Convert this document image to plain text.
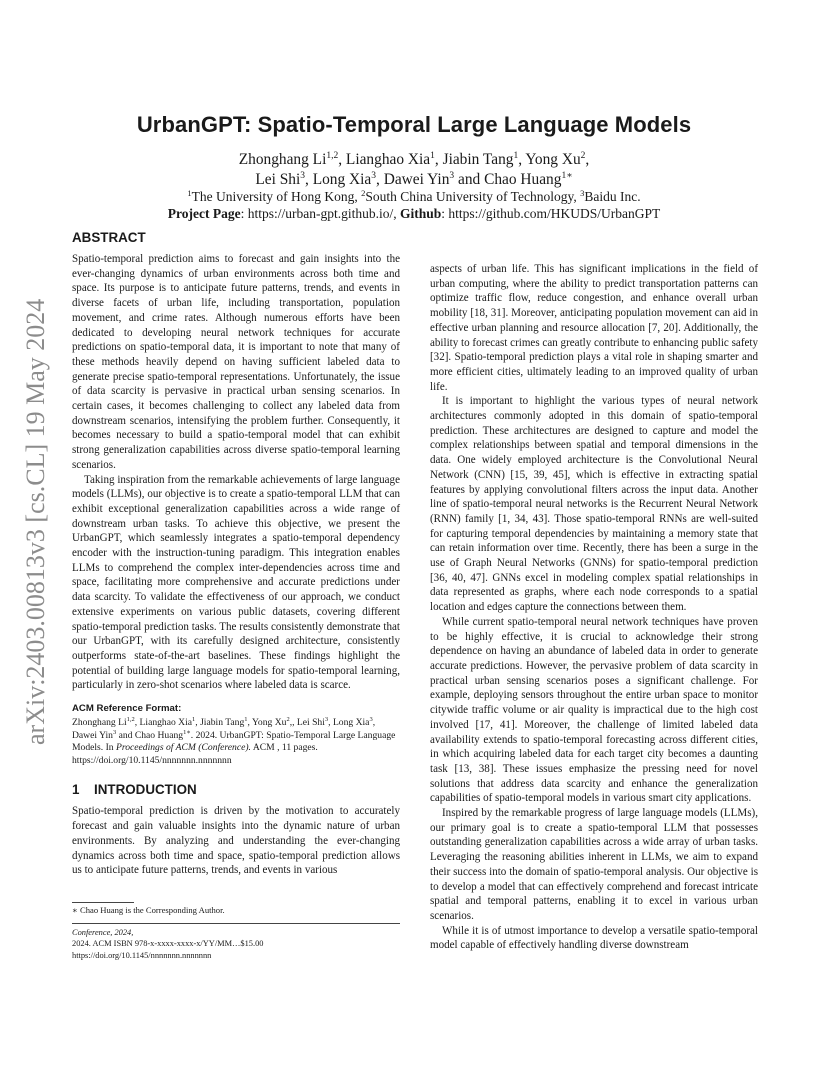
arXiv:2403.00813v3 [cs.CL] 19 May 2024
UrbanGPT: Spatio-Temporal Large Language Models
Zhonghang Li$^{1,2}$, Lianghao Xia$^1$, Jiabin Tang$^1$, Yong Xu$^2$,
Lei Shi$^3$, Long Xia$^3$, Dawei Yin$^3$ and Chao Huang$^{1∗}$
$^1$The University of Hong Kong, $^2$South China University of Technology, $^3$Baidu Inc.
Project Page: https://urban-gpt.github.io/, Github: https://github.com/HKUDS/UrbanGPT
ABSTRACT

Spatio-temporal prediction aims to forecast and gain insights into the ever-changing dynamics of urban environments across both time and space. Its purpose is to anticipate future patterns, trends, and events in diverse facets of urban life, including transportation, population movement, and crime rates. Although numerous efforts have been dedicated to developing neural network techniques for accurate predictions on spatio-temporal data, it is important to note that many of these methods heavily depend on having sufficient labeled data to generate precise spatio-temporal representations. Unfortunately, the issue of data scarcity is pervasive in practical urban sensing scenarios. In certain cases, it becomes challenging to collect any labeled data from downstream scenarios, intensifying the problem further. Consequently, it becomes necessary to build a spatio-temporal model that can exhibit strong generalization capabilities across diverse spatio-temporal learning scenarios.

Taking inspiration from the remarkable achievements of large language models (LLMs), our objective is to create a spatio-temporal LLM that can exhibit exceptional generalization capabilities across a wide range of downstream urban tasks. To achieve this objective, we present the UrbanGPT, which seamlessly integrates a spatio-temporal dependency encoder with the instruction-tuning paradigm. This integration enables LLMs to comprehend the complex inter-dependencies across time and space, facilitating more comprehensive and accurate predictions under data scarcity. To validate the effectiveness of our approach, we conduct extensive experiments on various public datasets, covering different spatio-temporal prediction tasks. The results consistently demonstrate that our UrbanGPT, with its carefully designed architecture, consistently outperforms state-of-the-art baselines. These findings highlight the potential of building large language models for spatio-temporal learning, particularly in zero-shot scenarios where labeled data is scarce.

ACM Reference Format:

Zhonghang Li$^{1,2}$, Lianghao Xia$^1$, Jiabin Tang$^1$, Yong Xu$^2$,, Lei Shi$^3$, Long Xia$^3$, Dawei Yin$^3$ and Chao Huang$^{1∗}$. 2024. UrbanGPT: Spatio-Temporal Large Language Models. In Proceedings of ACM (Conference). ACM , 11 pages. https://doi.org/10.1145/nnnnnnn.nnnnnnn

1 INTRODUCTION

Spatio-temporal prediction is driven by the motivation to accurately forecast and gain valuable insights into the dynamic nature of urban environments. By analyzing and understanding the ever-changing dynamics across both time and space, spatio-temporal prediction allows us to anticipate future patterns, trends, and events in various

∗ Chao Huang is the Corresponding Author.
Conference, 2024,
2024. ACM ISBN 978-x-xxxx-xxxx-x/YY/MM…$15.00
https://doi.org/10.1145/nnnnnnn.nnnnnnn

aspects of urban life. This has significant implications in the field of urban computing, where the ability to predict transportation patterns can optimize traffic flow, reduce congestion, and enhance overall urban mobility [18, 31]. Moreover, anticipating population movement can aid in effective urban planning and resource allocation [7, 20]. Additionally, the ability to forecast crimes can greatly contribute to enhancing public safety [32]. Spatio-temporal prediction plays a vital role in shaping smarter and more efficient cities, ultimately leading to an improved quality of urban life.

It is important to highlight the various types of neural network architectures commonly adopted in this domain of spatio-temporal prediction. These architectures are designed to capture and model the complex relationships between spatial and temporal dimensions in the data. One widely employed architecture is the Convolutional Neural Network (CNN) [15, 39, 45], which is effective in extracting spatial features by applying convolutional filters across the input data. Another line of spatio-temporal neural networks is the Recurrent Neural Network (RNN) family [1, 34, 43]. Those spatio-temporal RNNs are well-suited for capturing temporal dependencies by maintaining a memory state that can retain information over time. Recently, there has been a surge in the use of Graph Neural Networks (GNNs) for spatio-temporal prediction [36, 40, 47]. GNNs excel in modeling complex spatial relationships in data represented as graphs, where each node corresponds to a spatial location and edges capture the connections between them.

While current spatio-temporal neural network techniques have proven to be highly effective, it is crucial to acknowledge their strong dependence on having an abundance of labeled data in order to generate accurate predictions. However, the pervasive problem of data scarcity in practical urban sensing scenarios poses a significant challenge. For example, deploying sensors throughout the entire urban space to monitor citywide traffic volume or air quality is impractical due to the high cost involved [17, 41]. Moreover, the challenge of limited labeled data availability extends to spatio-temporal forecasting across different cities, in which acquiring labeled data for each target city becomes a daunting task [13, 38]. These issues emphasize the pressing need for novel solutions that address data scarcity and enhance the generalization capabilities of spatio-temporal models in various smart city applications.

Inspired by the remarkable progress of large language models (LLMs), our primary goal is to create a spatio-temporal LLM that possesses outstanding generalization capabilities across a wide array of urban tasks. Leveraging the reasoning abilities inherent in LLMs, we aim to expand their success into the domain of spatio-temporal analysis. Our objective is to develop a model that can effectively comprehend and forecast intricate spatial and temporal patterns, enabling it to excel in various urban scenarios.

While it is of utmost importance to develop a versatile spatio-temporal model capable of effectively handling diverse downstream
